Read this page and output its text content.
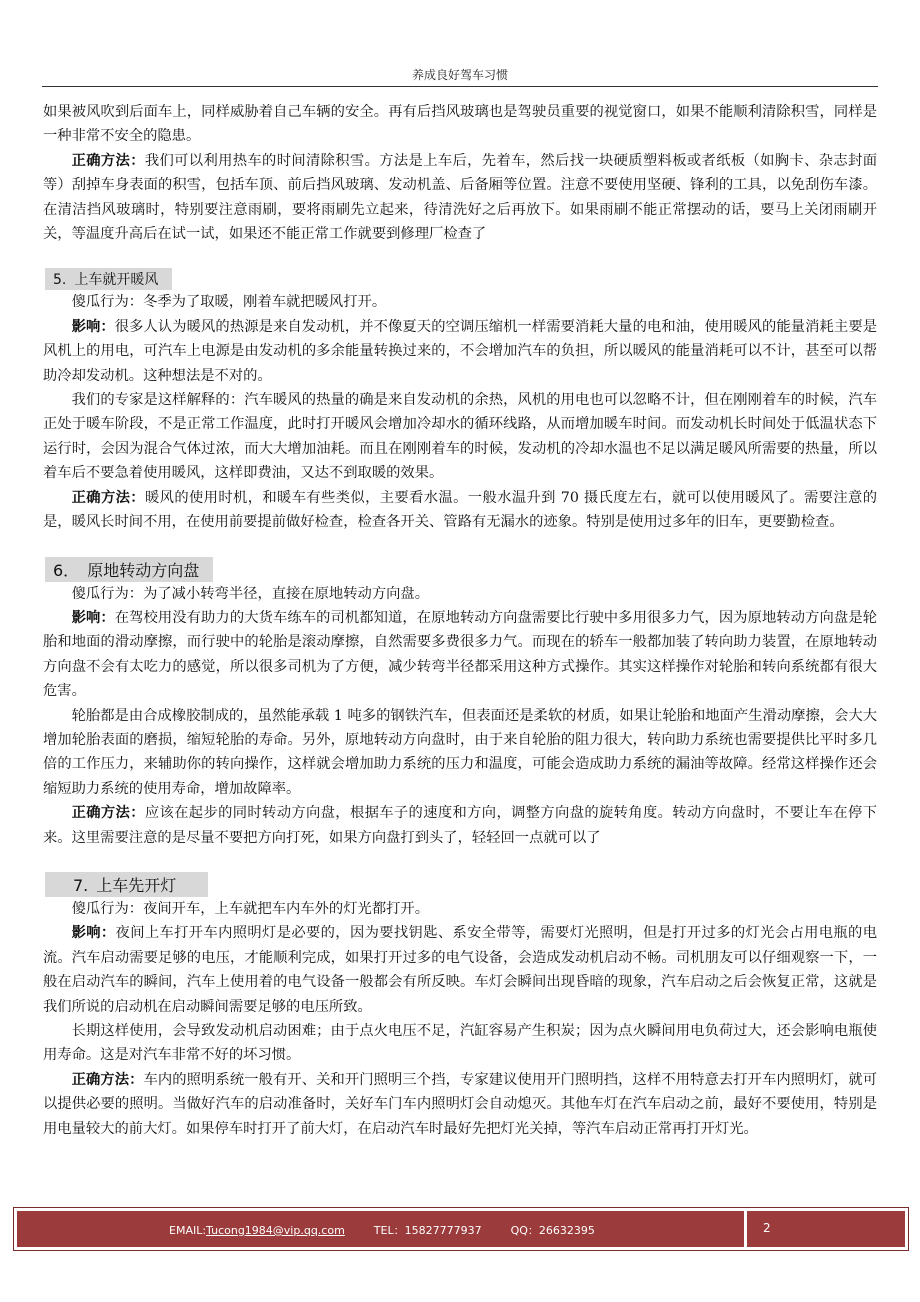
养成良好驾车习惯

如果被风吹到后面车上，同样威胁着自己车辆的安全。再有后挡风玻璃也是驾驶员重要的视觉窗口，如果不能顺利清除积雪，同样是一种非常不安全的隐患。

正确方法：我们可以利用热车的时间清除积雪。方法是上车后，先着车，然后找一块硬质塑料板或者纸板（如胸卡、杂志封面等）刮掉车身表面的积雪，包括车顶、前后挡风玻璃、发动机盖、后备厢等位置。注意不要使用坚硬、锋利的工具，以免刮伤车漆。在清洁挡风玻璃时，特别要注意雨刷，要将雨刷先立起来，待清洗好之后再放下。如果雨刷不能正常摆动的话，要马上关闭雨刷开关，等温度升高后在试一试，如果还不能正常工作就要到修理厂检查了

5. 上车就开暖风

傻瓜行为：冬季为了取暖，刚着车就把暖风打开。

影响：很多人认为暖风的热源是来自发动机，并不像夏天的空调压缩机一样需要消耗大量的电和油，使用暖风的能量消耗主要是风机上的用电，可汽车上电源是由发动机的多余能量转换过来的，不会增加汽车的负担，所以暖风的能量消耗可以不计，甚至可以帮助冷却发动机。这种想法是不对的。

我们的专家是这样解释的：汽车暖风的热量的确是来自发动机的余热，风机的用电也可以忽略不计，但在刚刚着车的时候，汽车正处于暖车阶段，不是正常工作温度，此时打开暖风会增加冷却水的循环线路，从而增加暖车时间。而发动机长时间处于低温状态下运行时，会因为混合气体过浓，而大大增加油耗。而且在刚刚着车的时候，发动机的冷却水温也不足以满足暖风所需要的热量，所以着车后不要急着使用暖风，这样即费油，又达不到取暖的效果。

正确方法：暖风的使用时机，和暖车有些类似，主要看水温。一般水温升到 70 摄氏度左右，就可以使用暖风了。需要注意的是，暖风长时间不用，在使用前要提前做好检查，检查各开关、管路有无漏水的迹象。特别是使用过多年的旧车，更要勤检查。

6． 原地转动方向盘

傻瓜行为：为了减小转弯半径，直接在原地转动方向盘。

影响：在驾校用没有助力的大货车练车的司机都知道，在原地转动方向盘需要比行驶中多用很多力气，因为原地转动方向盘是轮胎和地面的滑动摩擦，而行驶中的轮胎是滚动摩擦，自然需要多费很多力气。而现在的轿车一般都加装了转向助力装置，在原地转动方向盘不会有太吃力的感觉，所以很多司机为了方便，减少转弯半径都采用这种方式操作。其实这样操作对轮胎和转向系统都有很大危害。

轮胎都是由合成橡胶制成的，虽然能承载 1 吨多的钢铁汽车，但表面还是柔软的材质，如果让轮胎和地面产生滑动摩擦，会大大增加轮胎表面的磨损，缩短轮胎的寿命。另外，原地转动方向盘时，由于来自轮胎的阻力很大，转向助力系统也需要提供比平时多几倍的工作压力，来辅助你的转向操作，这样就会增加助力系统的压力和温度，可能会造成助力系统的漏油等故障。经常这样操作还会缩短助力系统的使用寿命，增加故障率。

正确方法：应该在起步的同时转动方向盘，根据车子的速度和方向，调整方向盘的旋转角度。转动方向盘时，不要让车在停下来。这里需要注意的是尽量不要把方向打死，如果方向盘打到头了，轻轻回一点就可以了

7. 上车先开灯

傻瓜行为：夜间开车，上车就把车内车外的灯光都打开。

影响：夜间上车打开车内照明灯是必要的，因为要找钥匙、系安全带等，需要灯光照明，但是打开过多的灯光会占用电瓶的电流。汽车启动需要足够的电压，才能顺利完成，如果打开过多的电气设备，会造成发动机启动不畅。司机朋友可以仔细观察一下，一般在启动汽车的瞬间，汽车上使用着的电气设备一般都会有所反映。车灯会瞬间出现昏暗的现象，汽车启动之后会恢复正常，这就是我们所说的启动机在启动瞬间需要足够的电压所致。

长期这样使用，会导致发动机启动困难；由于点火电压不足，汽缸容易产生积炭；因为点火瞬间用电负荷过大，还会影响电瓶使用寿命。这是对汽车非常不好的坏习惯。

正确方法：车内的照明系统一般有开、关和开门照明三个挡，专家建议使用开门照明挡，这样不用特意去打开车内照明灯，就可以提供必要的照明。当做好汽车的启动准备时，关好车门车内照明灯会自动熄灭。其他车灯在汽车启动之前，最好不要使用，特别是用电量较大的前大灯。如果停车时打开了前大灯，在启动汽车时最好先把灯光关掉，等汽车启动正常再打开灯光。

EMAIL:Tucong1984@vip.qq.com	TEL：15827777937	QQ：26632395	2
